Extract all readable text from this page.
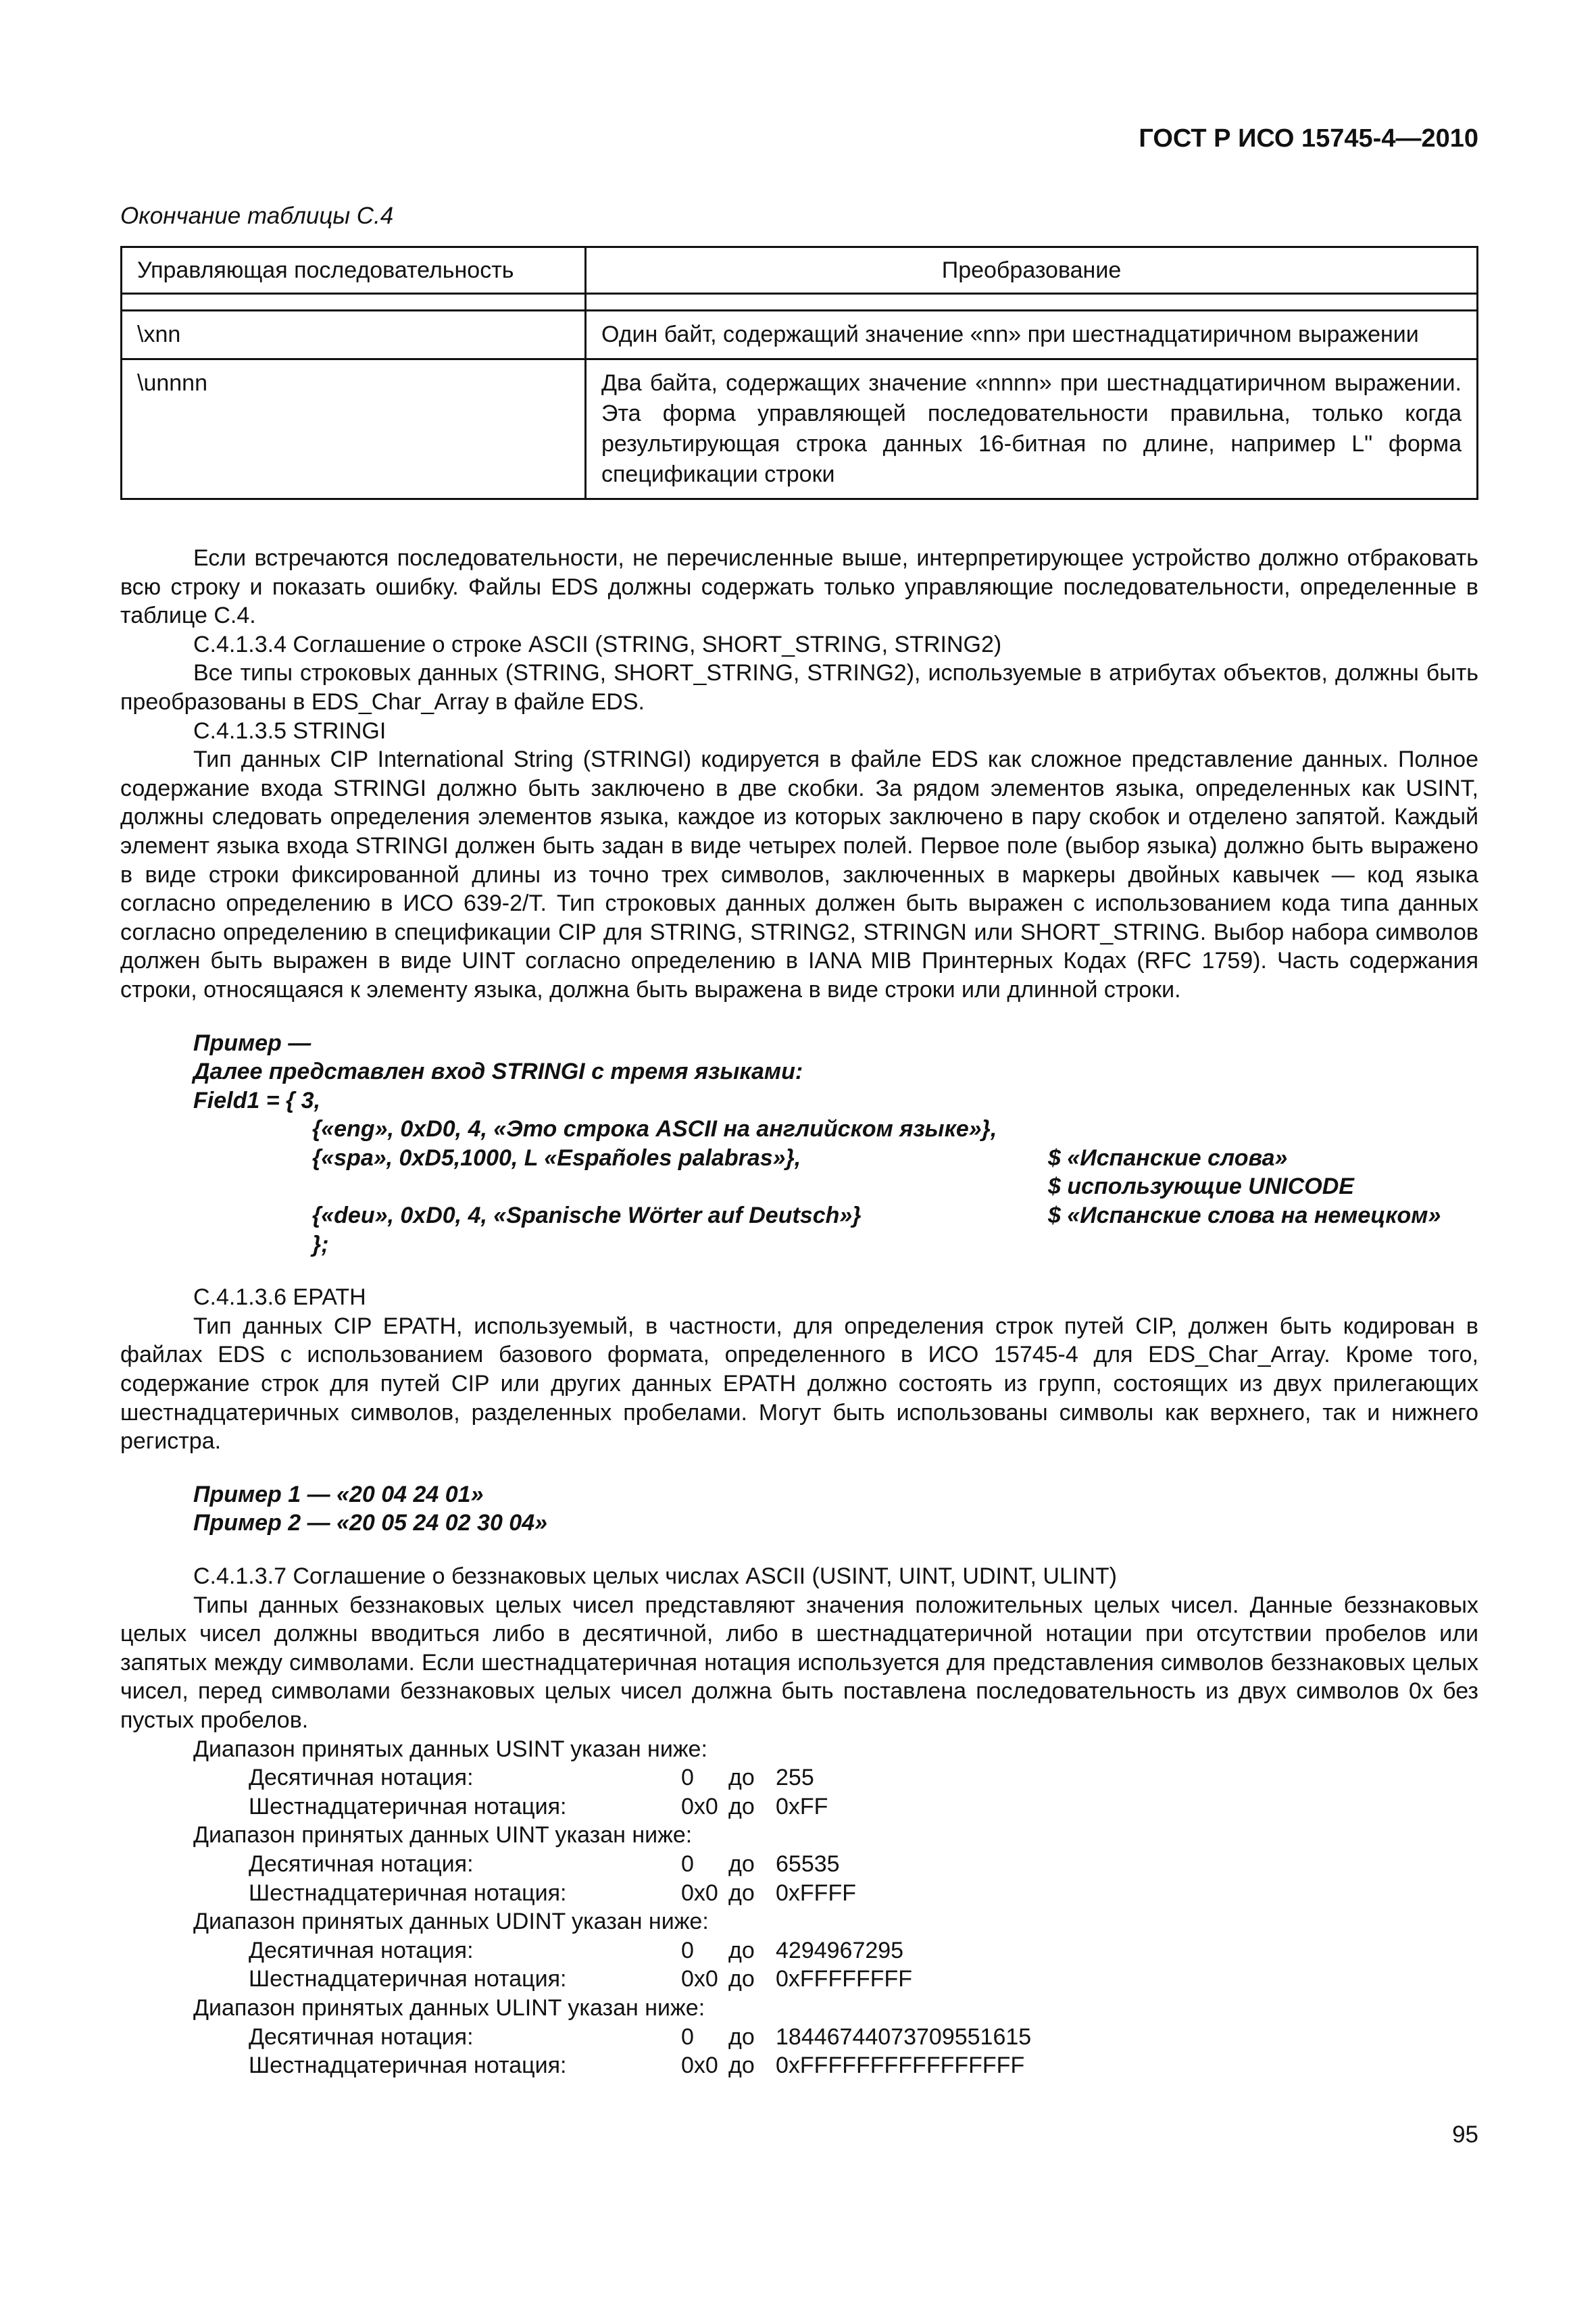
ГОСТ Р ИСО 15745-4—2010
Окончание таблицы С.4
Управляющая последовательность	Преобразование

\xnn	Один байт, содержащий значение «nn» при шестнадцатиричном выражении
\unnnn	Два байта, содержащих значение «nnnn» при шестнадцатиричном выражении. Эта форма управляющей последовательности правильна, только когда результирующая строка данных 16-битная по длине, например L" форма спецификации строки

Если встречаются последовательности, не перечисленные выше, интерпретирующее устройство должно отбраковать всю строку и показать ошибку. Файлы EDS должны содержать только управляющие последовательности, определенные в таблице С.4.

С.4.1.3.4 Соглашение о строке ASCII (STRING, SHORT_STRING, STRING2)

Все типы строковых данных (STRING, SHORT_STRING, STRING2), используемые в атрибутах объектов, должны быть преобразованы в EDS_Char_Array в файле EDS.

С.4.1.3.5 STRINGI

Тип данных CIP International String (STRINGI) кодируется в файле EDS как сложное представление данных. Полное содержание входа STRINGI должно быть заключено в две скобки. За рядом элементов языка, определенных как USINT, должны следовать определения элементов языка, каждое из которых заключено в пару скобок и отделено запятой. Каждый элемент языка входа STRINGI должен быть задан в виде четырех полей. Первое поле (выбор языка) должно быть выражено в виде строки фиксированной длины из точно трех символов, заключенных в маркеры двойных кавычек — код языка согласно определению в ИСО 639-2/Т. Тип строковых данных должен быть выражен с использованием кода типа данных согласно определению в спецификации CIP для STRING, STRING2, STRINGN или SHORT_STRING. Выбор набора символов должен быть выражен в виде UINT согласно определению в IANA MIB Принтерных Кодах (RFC 1759). Часть содержания строки, относящаяся к элементу языка, должна быть выражена в виде строки или длинной строки.

Пример —
Далее представлен вход STRINGI с тремя языками:
Field1 = { 3,
{«eng», 0xD0, 4, «Это строка ASCII на английском языке»},
{«spa», 0xD5,1000, L «Españoles palabras»},	$ «Испанские слова»
$ использующие UNICODE
{«deu», 0xD0, 4, «Spanische Wörter auf Deutsch»}	$ «Испанские слова на немецком»
};

С.4.1.3.6 EPATH

Тип данных CIP EPATH, используемый, в частности, для определения строк путей CIP, должен быть кодирован в файлах EDS с использованием базового формата, определенного в ИСО 15745-4 для EDS_Char_Array. Кроме того, содержание строк для путей CIP или других данных EPATH должно состоять из групп, состоящих из двух прилегающих шестнадцатеричных символов, разделенных пробелами. Могут быть использованы символы как верхнего, так и нижнего регистра.

Пример 1 — «20 04 24 01»
Пример 2 — «20 05 24 02 30 04»

С.4.1.3.7 Соглашение о беззнаковых целых числах ASCII (USINT, UINT, UDINT, ULINT)

Типы данных беззнаковых целых чисел представляют значения положительных целых чисел. Данные беззнаковых целых чисел должны вводиться либо в десятичной, либо в шестнадцатеричной нотации при отсутствии пробелов или запятых между символами. Если шестнадцатеричная нотация используется для представления символов беззнаковых целых чисел, перед символами беззнаковых целых чисел должна быть поставлена последовательность из двух символов 0x без пустых пробелов.

Диапазон принятых данных USINT указан ниже:
Десятичная нотация:	0	до 255
Шестнадцатеричная нотация:	0x0 до 0xFF
Диапазон принятых данных UINT указан ниже:
Десятичная нотация:	0	до 65535
Шестнадцатеричная нотация:	0x0 до 0xFFFF
Диапазон принятых данных UDINT указан ниже:
Десятичная нотация:	0	до 4294967295
Шестнадцатеричная нотация:	0x0 до 0xFFFFFFFF
Диапазон принятых данных ULINT указан ниже:
Десятичная нотация:	0	до 18446744073709551615
Шестнадцатеричная нотация:	0x0 до 0xFFFFFFFFFFFFFFFF
95
